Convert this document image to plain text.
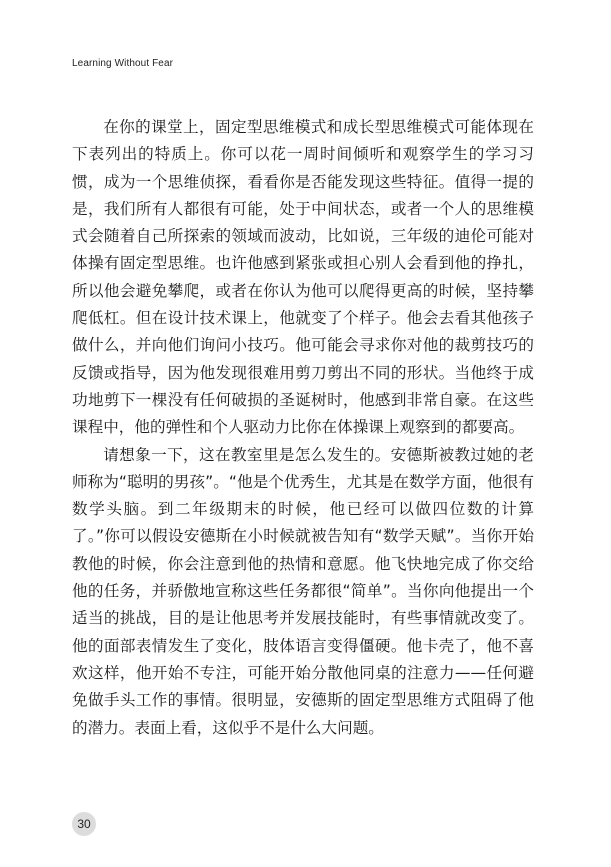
Learning Without Fear

在你的课堂上，固定型思维模式和成长型思维模式可能体现在下表列出的特质上。你可以花一周时间倾听和观察学生的学习习惯，成为一个思维侦探，看看你是否能发现这些特征。值得一提的是，我们所有人都很有可能，处于中间状态，或者一个人的思维模式会随着自己所探索的领域而波动，比如说，三年级的迪伦可能对体操有固定型思维。也许他感到紧张或担心别人会看到他的挣扎，所以他会避免攀爬，或者在你认为他可以爬得更高的时候，坚持攀爬低杠。但在设计技术课上，他就变了个样子。他会去看其他孩子做什么，并向他们询问小技巧。他可能会寻求你对他的裁剪技巧的反馈或指导，因为他发现很难用剪刀剪出不同的形状。当他终于成功地剪下一棵没有任何破损的圣诞树时，他感到非常自豪。在这些课程中，他的弹性和个人驱动力比你在体操课上观察到的都要高。

请想象一下，这在教室里是怎么发生的。安德斯被教过她的老师称为“聪明的男孩”。“他是个优秀生，尤其是在数学方面，他很有数学头脑。到二年级期末的时候，他已经可以做四位数的计算了。”你可以假设安德斯在小时候就被告知有“数学天赋”。当你开始教他的时候，你会注意到他的热情和意愿。他飞快地完成了你交给他的任务，并骄傲地宣称这些任务都很“简单”。当你向他提出一个适当的挑战，目的是让他思考并发展技能时，有些事情就改变了。他的面部表情发生了变化，肢体语言变得僵硬。他卡壳了，他不喜欢这样，他开始不专注，可能开始分散他同桌的注意力——任何避免做手头工作的事情。很明显，安德斯的固定型思维方式阻碍了他的潜力。表面上看，这似乎不是什么大问题。

30
